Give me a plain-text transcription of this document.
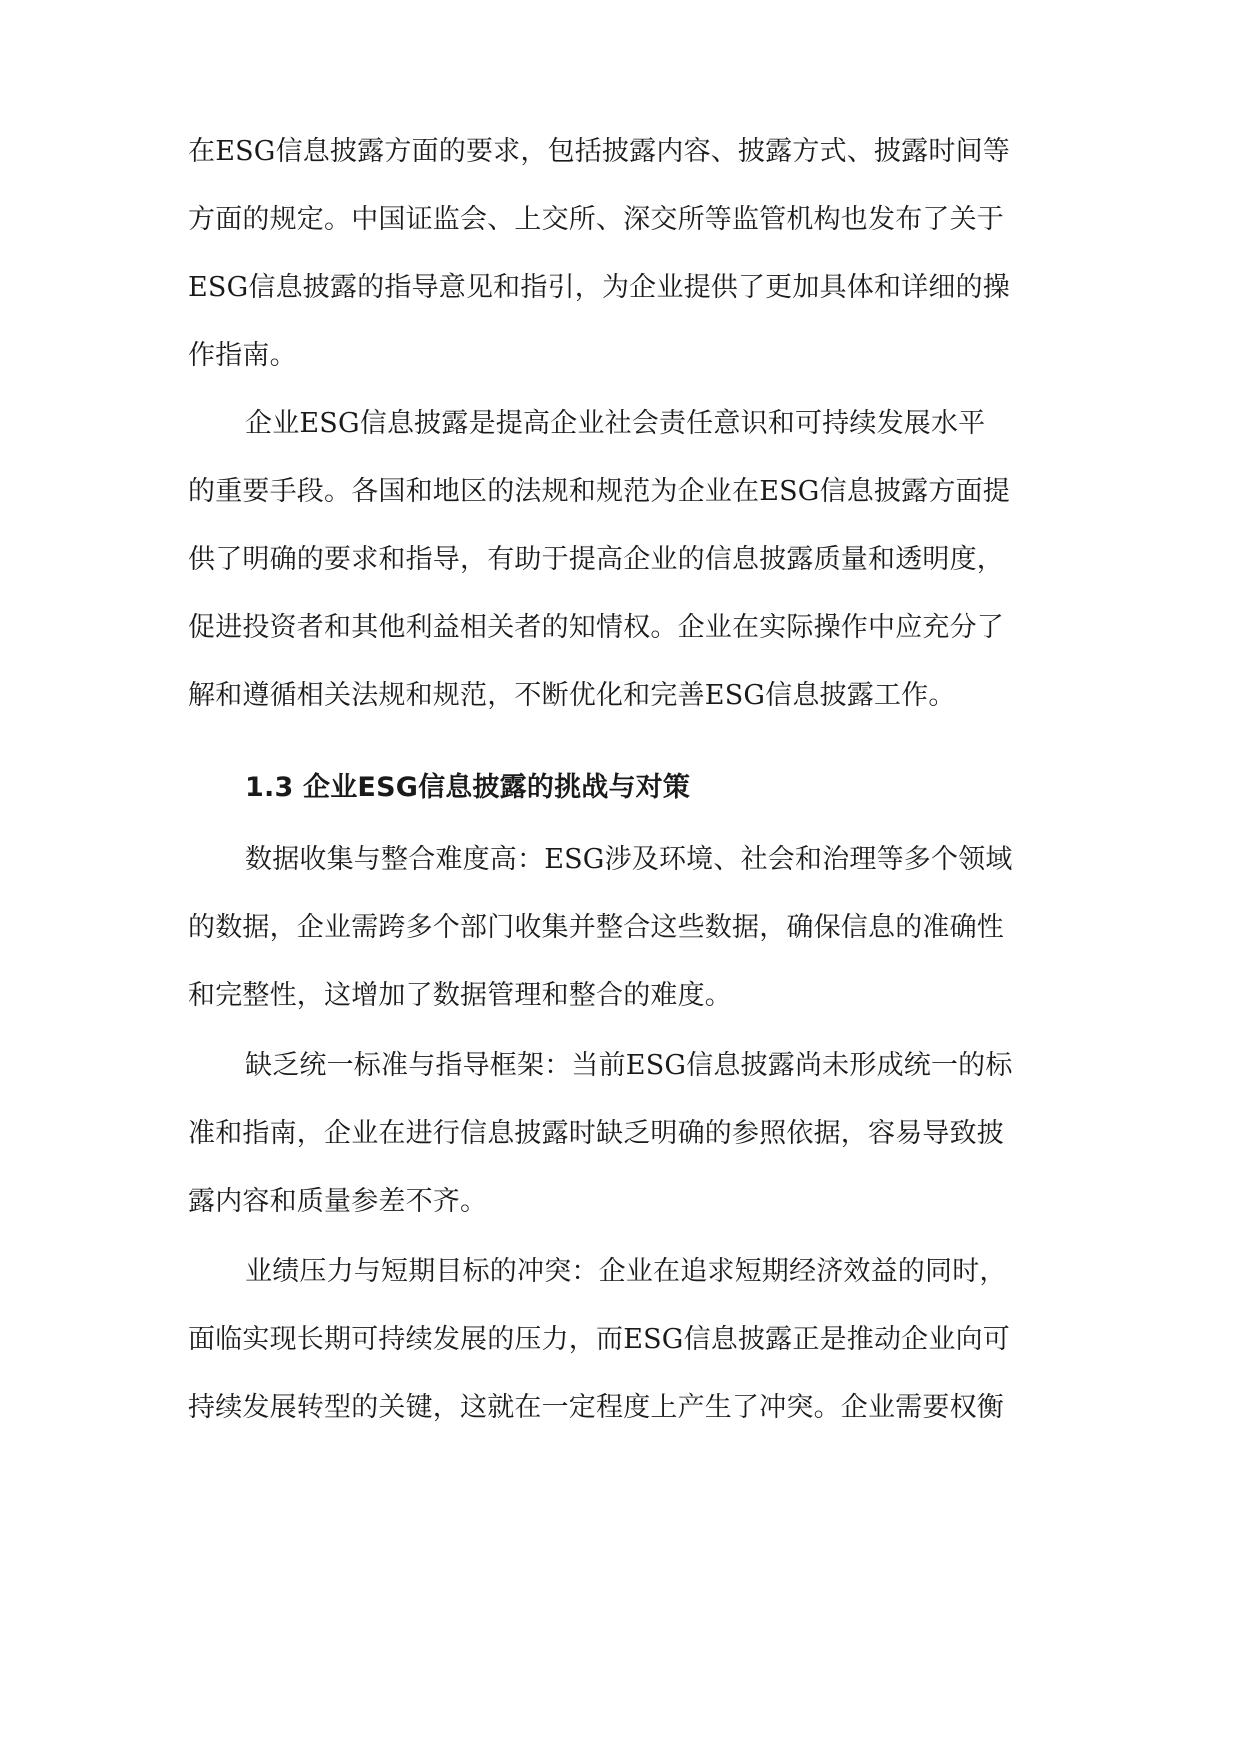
在ESG信息披露方面的要求，包括披露内容、披露方式、披露时间等
方面的规定。中国证监会、上交所、深交所等监管机构也发布了关于
ESG信息披露的指导意见和指引，为企业提供了更加具体和详细的操
作指南。
企业ESG信息披露是提高企业社会责任意识和可持续发展水平
的重要手段。各国和地区的法规和规范为企业在ESG信息披露方面提
供了明确的要求和指导，有助于提高企业的信息披露质量和透明度，
促进投资者和其他利益相关者的知情权。企业在实际操作中应充分了
解和遵循相关法规和规范，不断优化和完善ESG信息披露工作。
1.3 企业ESG信息披露的挑战与对策
数据收集与整合难度高：ESG涉及环境、社会和治理等多个领域
的数据，企业需跨多个部门收集并整合这些数据，确保信息的准确性
和完整性，这增加了数据管理和整合的难度。
缺乏统一标准与指导框架：当前ESG信息披露尚未形成统一的标
准和指南，企业在进行信息披露时缺乏明确的参照依据，容易导致披
露内容和质量参差不齐。
业绩压力与短期目标的冲突：企业在追求短期经济效益的同时，
面临实现长期可持续发展的压力，而ESG信息披露正是推动企业向可
持续发展转型的关键，这就在一定程度上产生了冲突。企业需要权衡
